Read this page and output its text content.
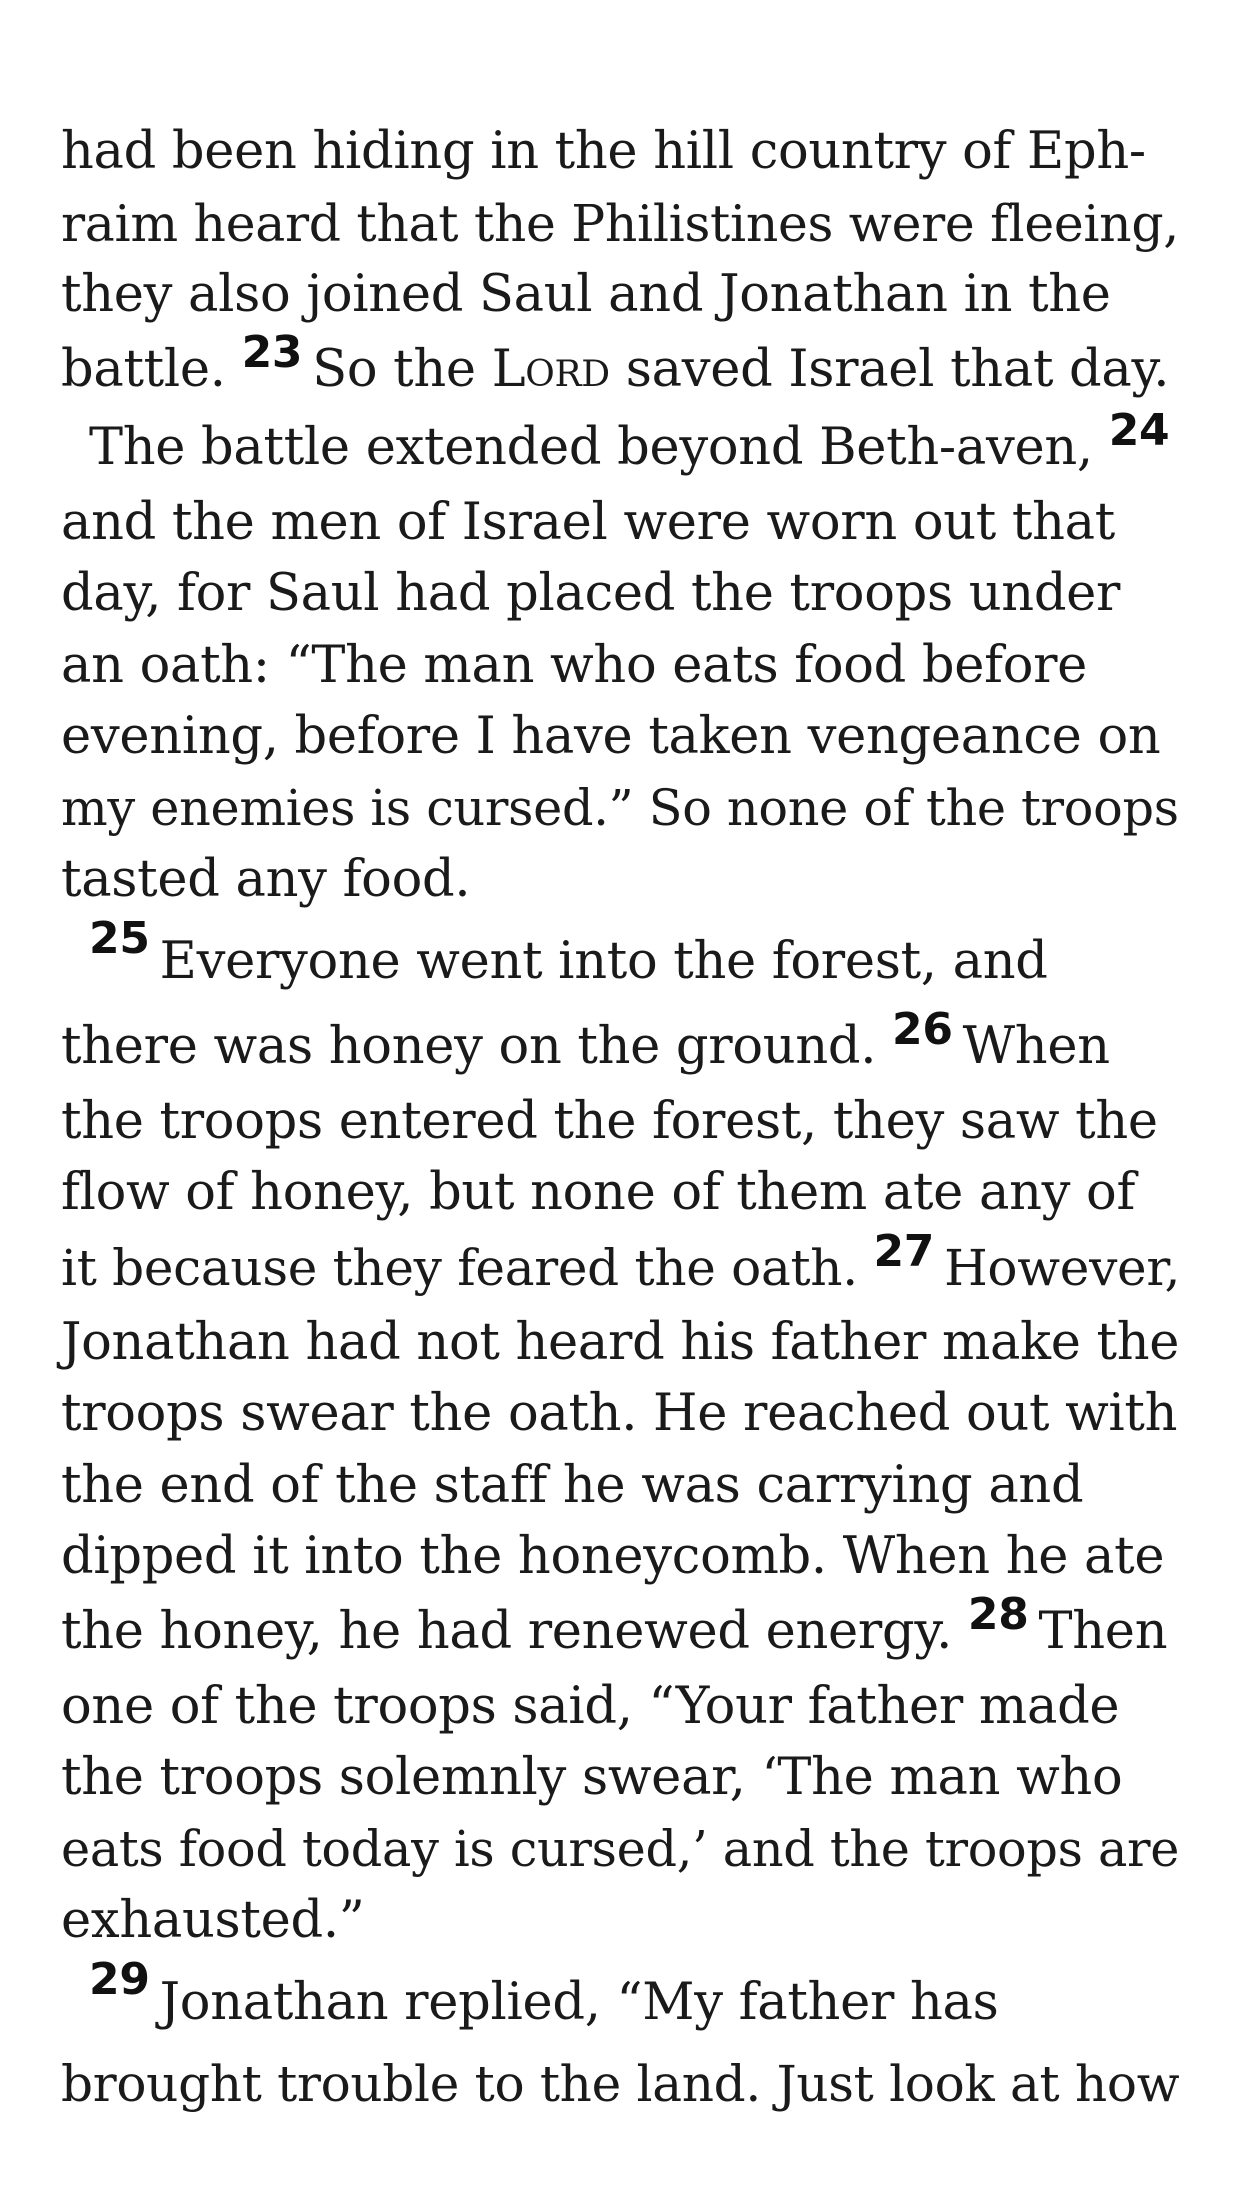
had been hiding in the hill country of Eph-
raim heard that the Philistines were fleeing,
they also joined Saul and Jonathan in the
battle. 23 So the Lord saved Israel that day.
The battle extended beyond Beth-aven, 24
and the men of Israel were worn out that
day, for Saul had placed the troops under
an oath: “The man who eats food before
evening, before I have taken vengeance on
my enemies is cursed.” So none of the troops
tasted any food.
25 Everyone went into the forest, and
there was honey on the ground. 26 When
the troops entered the forest, they saw the
flow of honey, but none of them ate any of
it because they feared the oath. 27 However,
Jonathan had not heard his father make the
troops swear the oath. He reached out with
the end of the staff he was carrying and
dipped it into the honeycomb. When he ate
the honey, he had renewed energy. 28 Then
one of the troops said, “Your father made
the troops solemnly swear, ‘The man who
eats food today is cursed,’ and the troops are
exhausted.”
29 Jonathan replied, “My father has
brought trouble to the land. Just look at how
